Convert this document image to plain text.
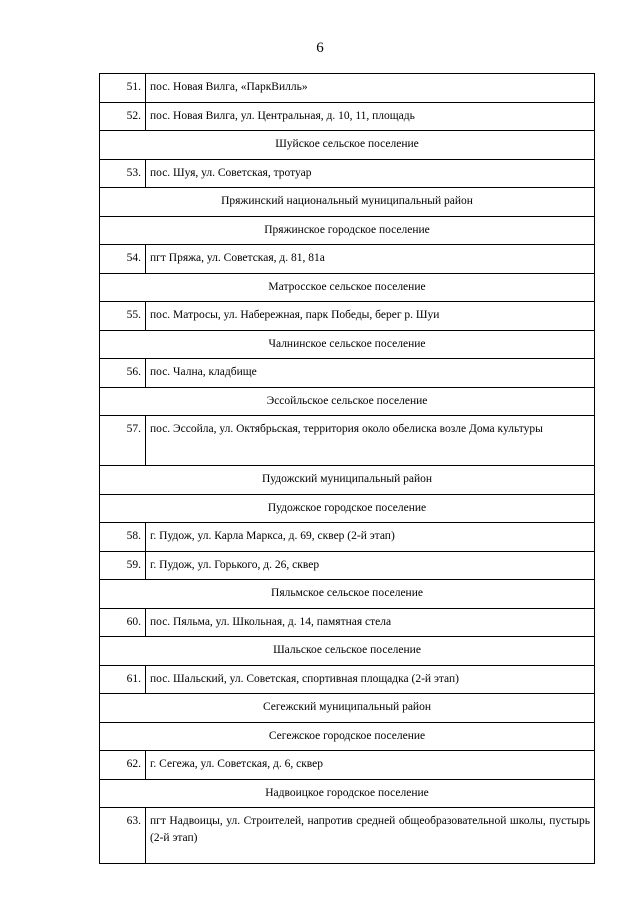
6
51.	пос. Новая Вилга, «ПаркВилль»
52.	пос. Новая Вилга, ул. Центральная, д. 10, 11, площадь
Шуйское сельское поселение	
53.	пос. Шуя, ул. Советская, тротуар
Пряжинский национальный муниципальный район	
Пряжинское городское поселение	
54.	пгт Пряжа, ул. Советская, д. 81, 81а
Матросское сельское поселение	
55.	пос. Матросы, ул. Набережная, парк Победы, берег р. Шуи
Чалнинское сельское поселение	
56.	пос. Чална, кладбище
Эссойльское сельское поселение	
57.	пос. Эссойла, ул. Октябрьская, территория около обелиска возле Дома культуры
Пудожский муниципальный район	
Пудожское городское поселение	
58.	г. Пудож, ул. Карла Маркса, д. 69, сквер (2-й этап)
59.	г. Пудож, ул. Горького, д. 26, сквер
Пяльмское сельское поселение	
60.	пос. Пяльма, ул. Школьная, д. 14, памятная стела
Шальское сельское поселение	
61.	пос. Шальский, ул. Советская, спортивная площадка (2-й этап)
Сегежский муниципальный район	
Сегежское городское поселение	
62.	г. Сегежа, ул. Советская, д. 6, сквер
Надвоицкое городское поселение	
63.	пгт Надвоицы, ул. Строителей, напротив средней общеобразовательной школы, пустырь (2-й этап)
